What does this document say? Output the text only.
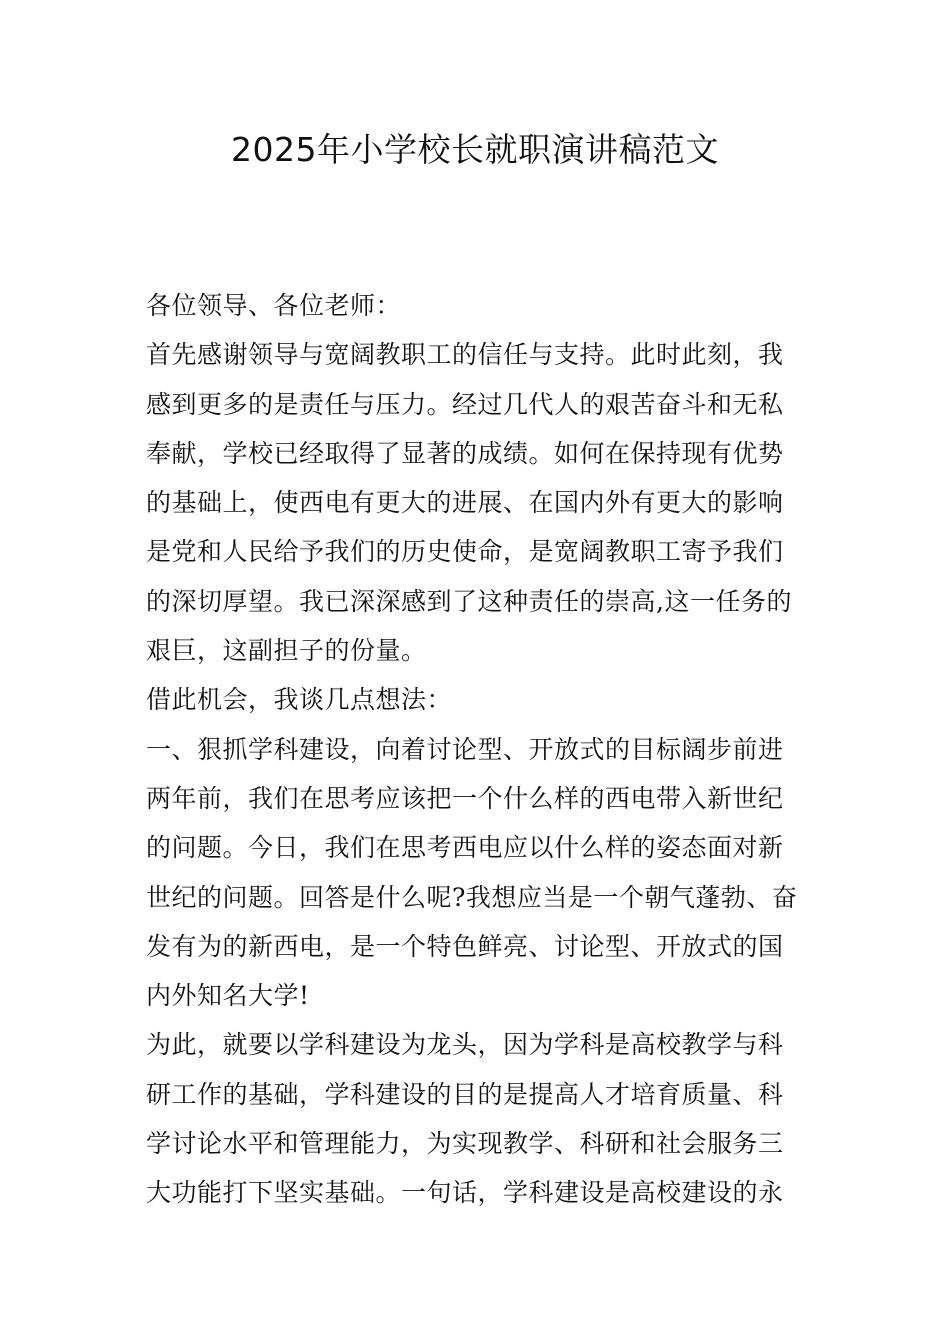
2025年小学校长就职演讲稿范文
各位领导、各位老师：
首先感谢领导与宽阔教职工的信任与支持。此时此刻，我
感到更多的是责任与压力。经过几代人的艰苦奋斗和无私
奉献，学校已经取得了显著的成绩。如何在保持现有优势
的基础上，使西电有更大的进展、在国内外有更大的影响
是党和人民给予我们的历史使命，是宽阔教职工寄予我们
的深切厚望。我已深深感到了这种责任的崇高,这一任务的
艰巨，这副担子的份量。
借此机会，我谈几点想法：
一、狠抓学科建设，向着讨论型、开放式的目标阔步前进
两年前，我们在思考应该把一个什么样的西电带入新世纪
的问题。今日，我们在思考西电应以什么样的姿态面对新
世纪的问题。回答是什么呢?我想应当是一个朝气蓬勃、奋
发有为的新西电，是一个特色鲜亮、讨论型、开放式的国
内外知名大学!
为此，就要以学科建设为龙头，因为学科是高校教学与科
研工作的基础，学科建设的目的是提高人才培育质量、科
学讨论水平和管理能力，为实现教学、科研和社会服务三
大功能打下坚实基础。一句话，学科建设是高校建设的永
